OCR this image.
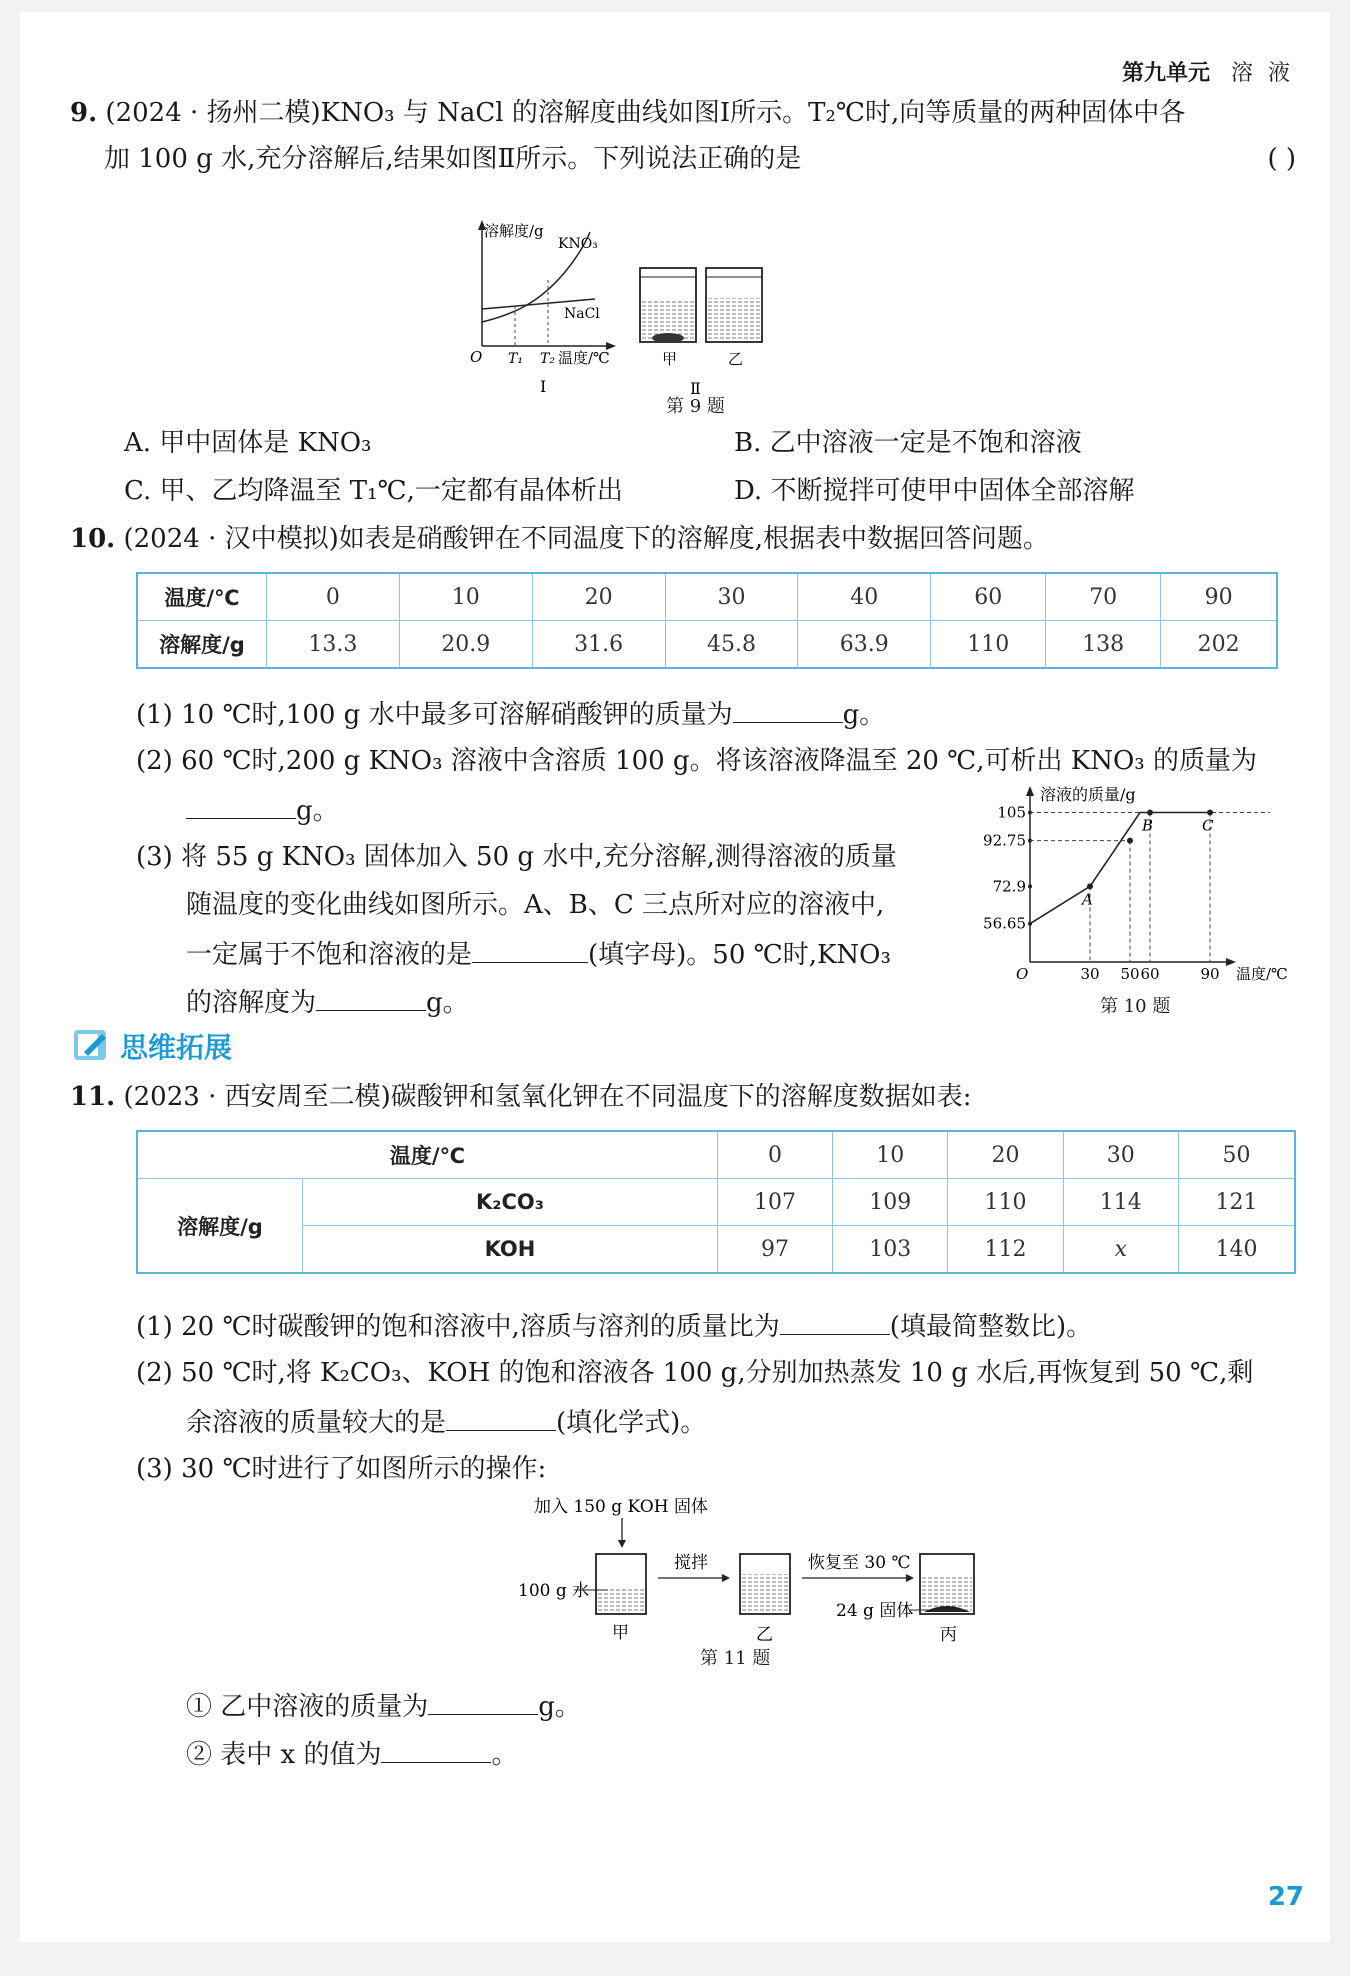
第九单元 溶 液
9. (2024 · 扬州二模)KNO₃ 与 NaCl 的溶解度曲线如图Ⅰ所示。T₂℃时,向等质量的两种固体中各
加 100 g 水,充分溶解后,结果如图Ⅱ所示。下列说法正确的是	( )
溶解度/g
KNO₃
NaCl
O T₁ T₂ 温度/℃
Ⅰ
甲	乙
Ⅱ
第 9 题
A. 甲中固体是 KNO₃	B. 乙中溶液一定是不饱和溶液
C. 甲、乙均降温至 T₁℃,一定都有晶体析出	D. 不断搅拌可使甲中固体全部溶解
10. (2024 · 汉中模拟)如表是硝酸钾在不同温度下的溶解度,根据表中数据回答问题。
温度/℃	0	10	20	30	40	60	70	90
溶解度/g	13.3	20.9	31.6	45.8	63.9	110	138	202
(1) 10 ℃时,100 g 水中最多可溶解硝酸钾的质量为	g。
(2) 60 ℃时,200 g KNO₃ 溶液中含溶质 100 g。将该溶液降温至 20 ℃,可析出 KNO₃ 的质量为
g。
(3) 将 55 g KNO₃ 固体加入 50 g 水中,充分溶解,测得溶液的质量
随温度的变化曲线如图所示。A、B、C 三点所对应的溶液中,
一定属于不饱和溶液的是	(填字母)。50 ℃时,KNO₃
的溶解度为	g。
溶液的质量/g
温度/℃
O
105
92.75
72.9
56.65
30 50 60	90
A
B	C
第 10 题
思维拓展
11. (2023 · 西安周至二模)碳酸钾和氢氧化钾在不同温度下的溶解度数据如表:
温度/℃		0	10	20	30	50
溶解度/g	K₂CO₃	107	109	110	114	121
	KOH	97	103	112	x	140
(1) 20 ℃时碳酸钾的饱和溶液中,溶质与溶剂的质量比为	(填最简整数比)。
(2) 50 ℃时,将 K₂CO₃、KOH 的饱和溶液各 100 g,分别加热蒸发 10 g 水后,再恢复到 50 ℃,剩
余溶液的质量较大的是	(填化学式)。
(3) 30 ℃时进行了如图所示的操作:
加入 150 g KOH 固体
100 g 水
甲
搅拌
乙
恢复至 30 ℃
24 g 固体
丙
第 11 题
① 乙中溶液的质量为	g。
② 表中 x 的值为	。
27
